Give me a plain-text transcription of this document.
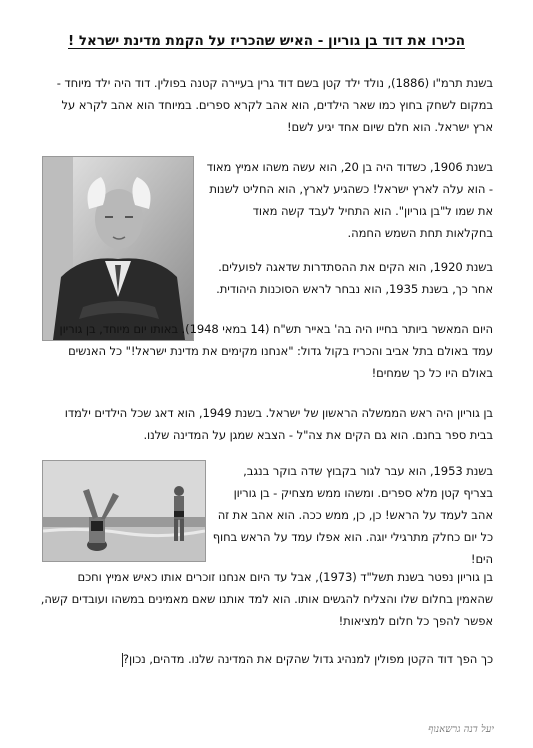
הכירו את דוד בן גוריון - האיש שהכריז על הקמת מדינת ישראל !

בשנת תרמ"ו (1886), נולד ילד קטן בשם דוד גרין בעיירה קטנה בפולין. דוד היה ילד מיוחד - במקום לשחק בחוץ כמו שאר הילדים, הוא אהב לקרא ספרים. במיוחד הוא אהב לקרא על ארץ ישראל. הוא חלם שיום אחד יגיע לשם!

בשנת 1906, כשדוד היה בן 20, הוא עשה משהו אמיץ מאוד - הוא עלה לארץ ישראל! כשהגיע לארץ, הוא החליט לשנות את שמו ל"בן גוריון". הוא התחיל לעבד קשה מאוד בחקלאות תחת השמש החמה.

בשנת 1920, הוא הקים את ההסתדרות שדאגה לפועלים. אחר כך, בשנת 1935, הוא נבחר לראש הסוכנות היהודית.

היום המאשר ביותר בחייו היה בה' באייר תש"ח (14 במאי 1948). באותו יום מיוחד, בן גוריון עמד באולם בתל אביב והכריז בקול גדול: "אנחנו מקימים את מדינת ישראל!" כל האנשים באולם היו כל כך שמחים!

בן גוריון היה ראש הממשלה הראשון של ישראל. בשנת 1949, הוא דאג שכל הילדים ילמדו בבית ספר בחנם. הוא גם הקים את צה"ל - הצבא שמגן על המדינה שלנו.

בשנת 1953, הוא עבר לגור בקבוץ שדה בוקר בנגב, בצריף קטן מלא ספרים. ומשהו ממש מצחיק - בן גוריון אהב לעמד על הראש! כן, כן, ממש ככה. הוא אהב את זה כל יום כחלק מתרגילי יוגה. הוא אפלו עמד על הראש בחוף הים!

בן גוריון נפטר בשנת תשל"ד (1973), אבל עד היום אנחנו זוכרים אותו כאיש אמיץ וחכם שהאמין בחלום שלו והצליח להגשים אותו. הוא למד אותנו שאם מאמינים במשהו ועובדים קשה, אפשר להפך כל חלום למציאות!

כך הפך דוד הקטן מפולין למנהיג גדול שהקים את המדינה שלנו. מדהים, נכון?

יעל דנה גרשאנוף
